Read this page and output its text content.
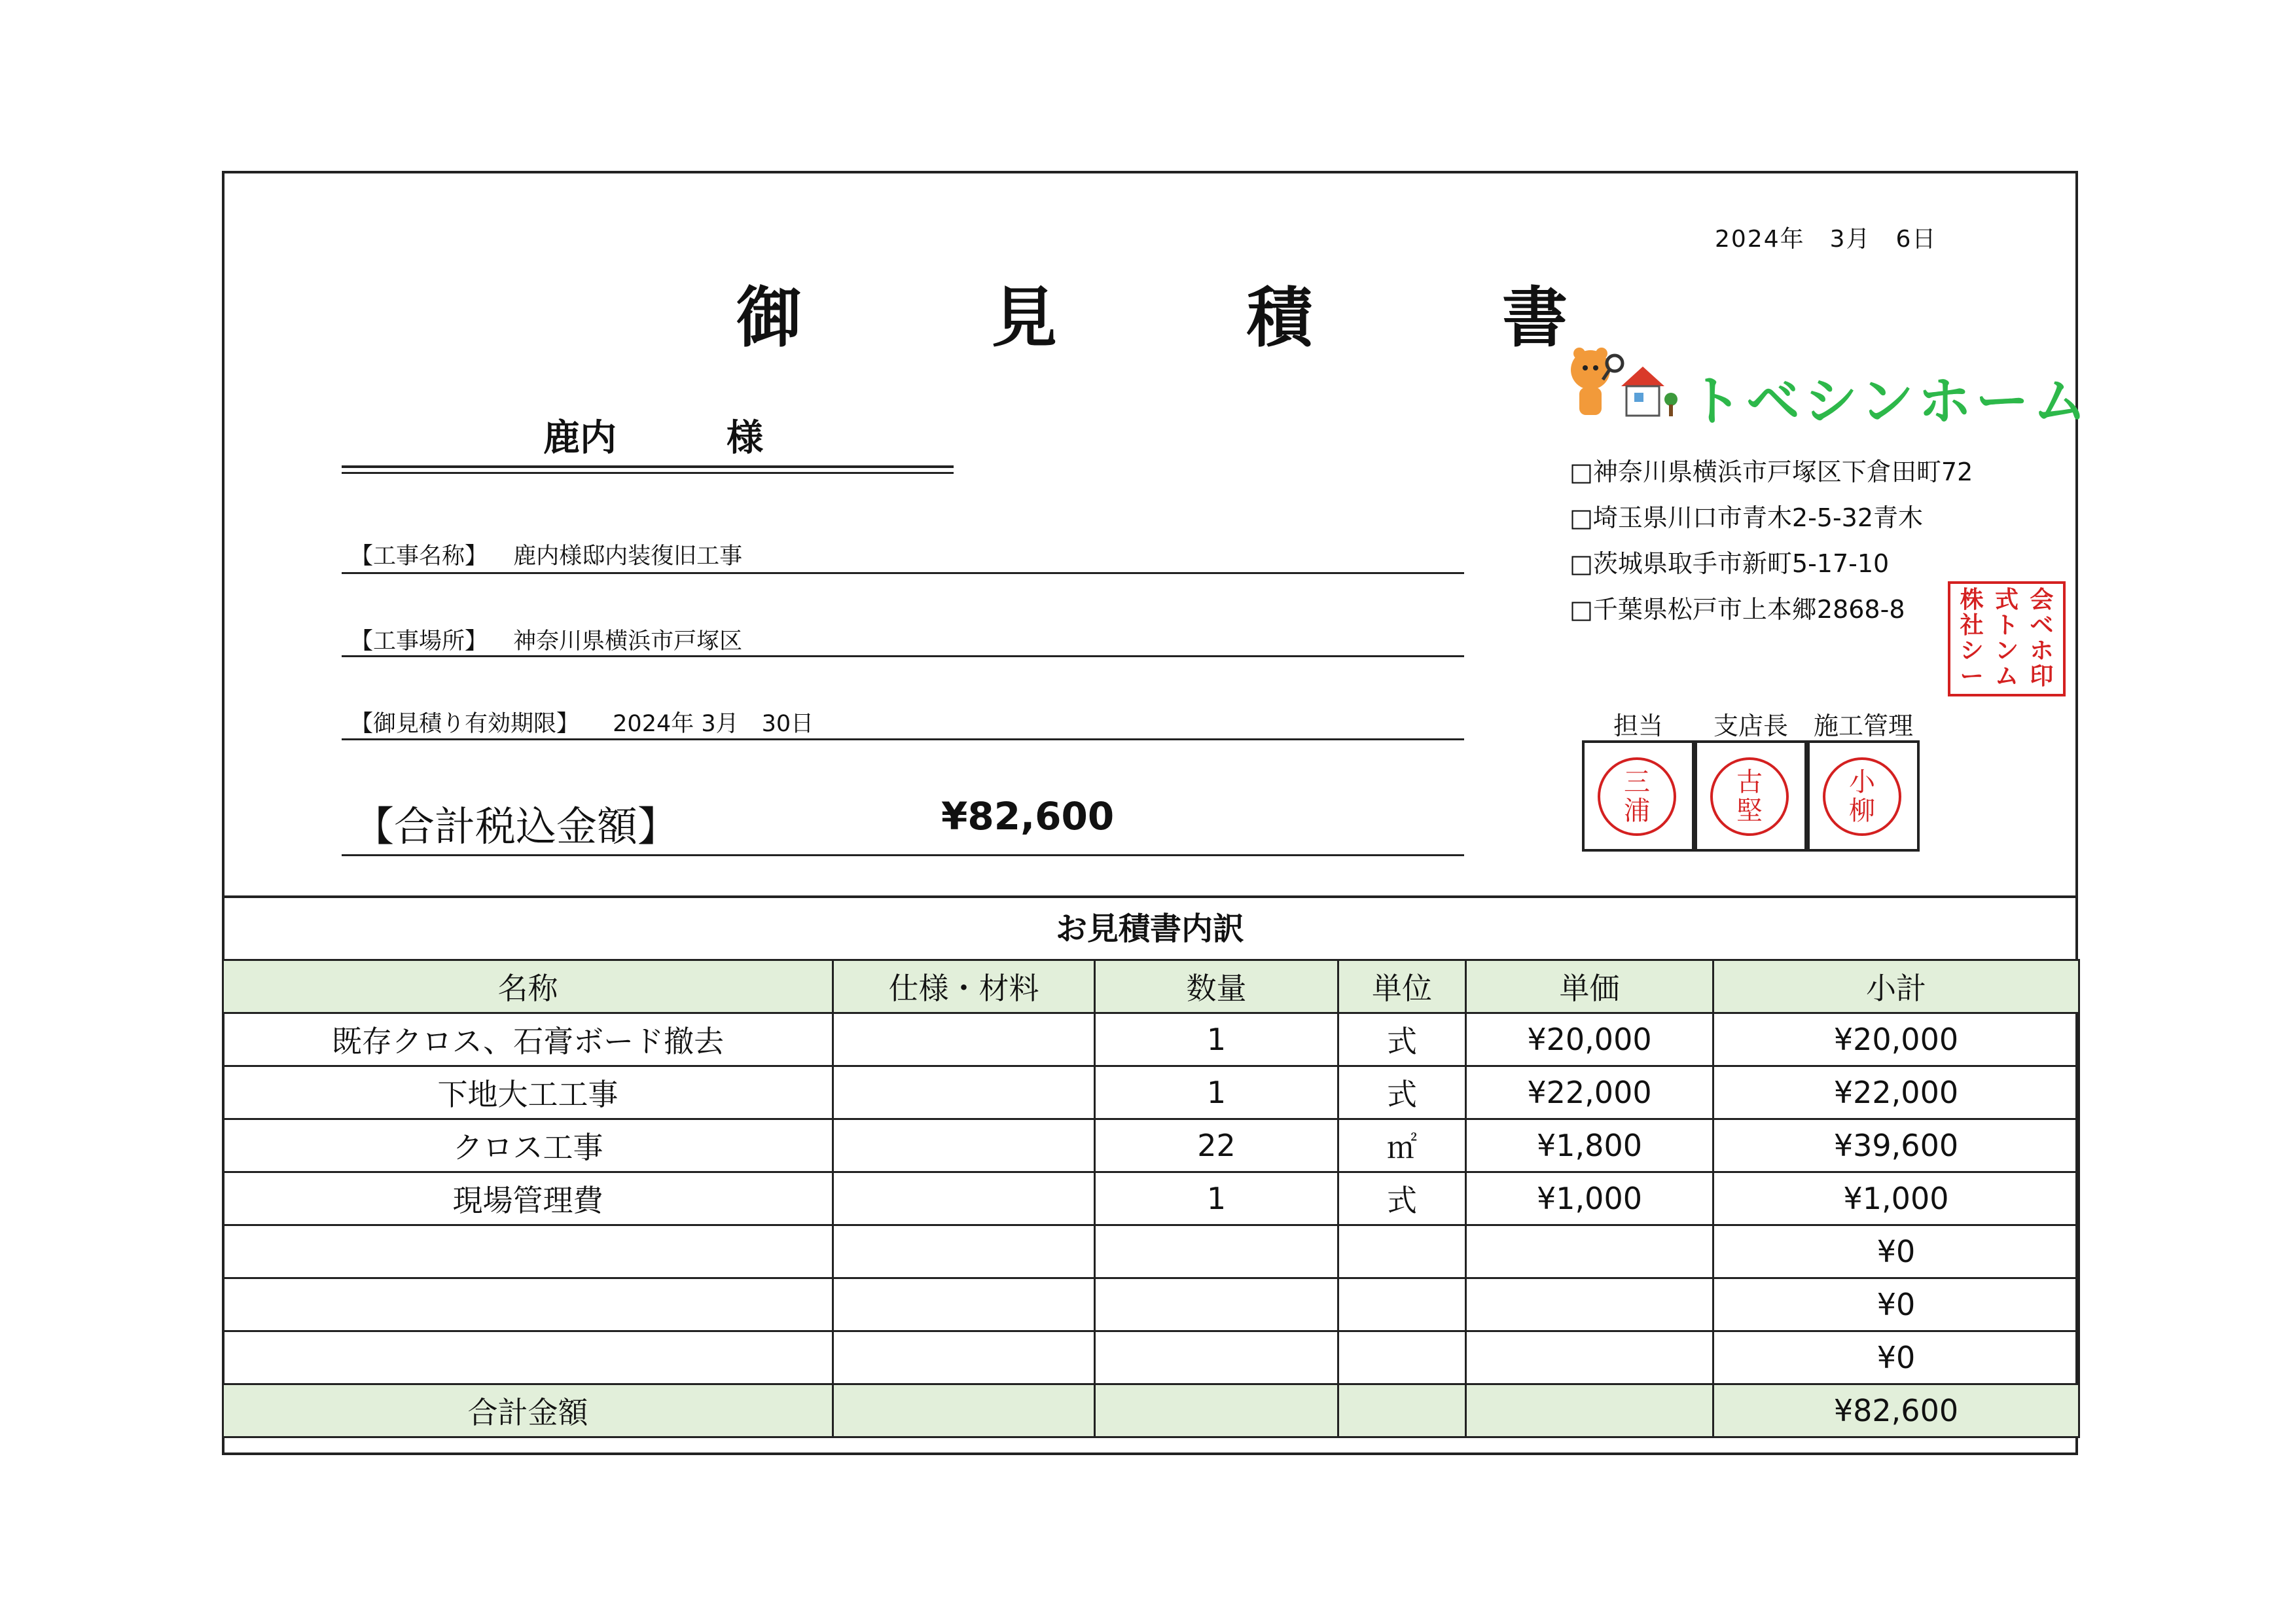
2024年　3月　6日
御	見	積	書
鹿内　　　様
【工事名称】 鹿内様邸内装復旧工事
【工事場所】 神奈川県横浜市戸塚区
【御見積り有効期限】 2024年 3月　30日
【合計税込金額】	¥82,600
トベシンホーム
□神奈川県横浜市戸塚区下倉田町72
□埼玉県川口市青木2-5-32青木
□茨城県取手市新町5-17-10
□千葉県松戸市上本郷2868-8 株 式 会
社 ト ベ
シ ン ホ
ー ム 印
担当	支店長	施工管理
三
浦
古
堅
小
柳
お見積書内訳
名称	仕様・材料	数量	単位	単価	小計
既存クロス、石膏ボード撤去		1	式	¥20,000	¥20,000
下地大工工事		1	式	¥22,000	¥22,000
クロス工事		22	㎡	¥1,800	¥39,600
現場管理費		1	式	¥1,000	¥1,000
					¥0
					¥0
					¥0
合計金額					¥82,600
